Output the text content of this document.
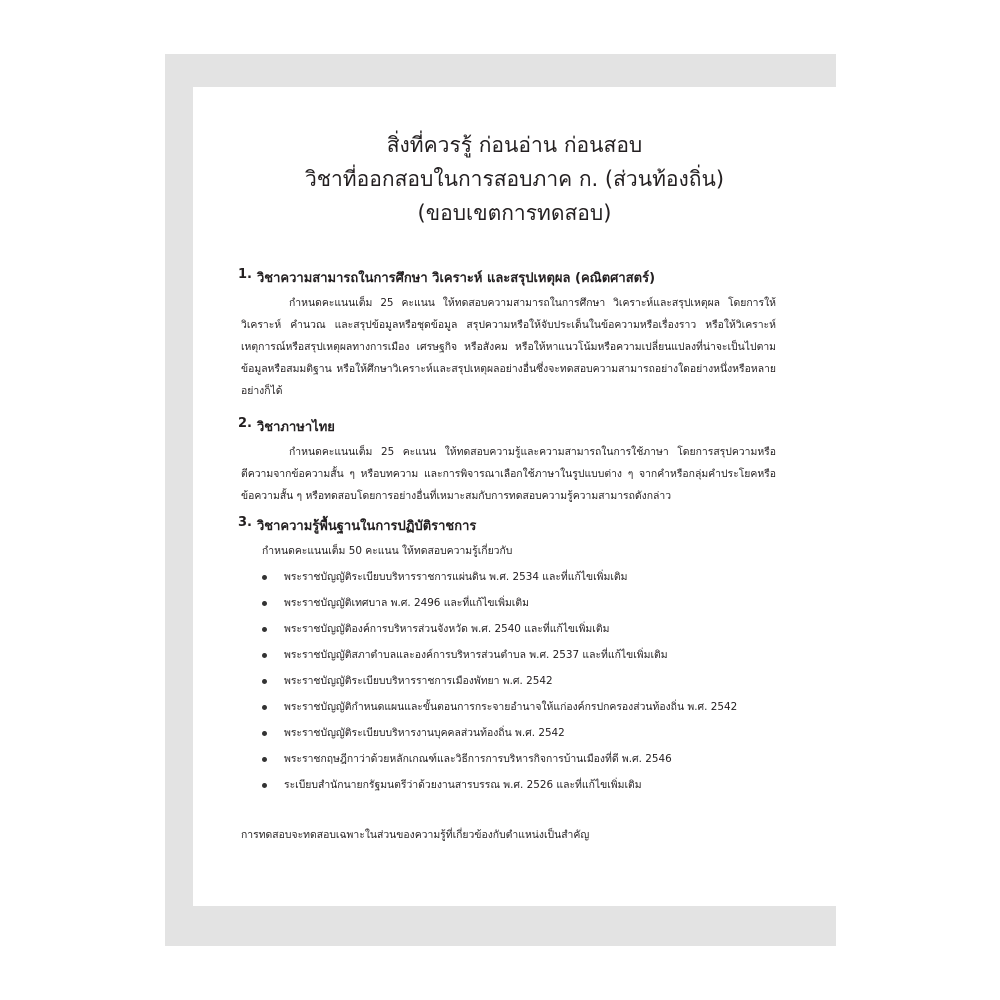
สิ่งที่ควรรู้ ก่อนอ่าน ก่อนสอบ
วิชาที่ออกสอบในการสอบภาค ก. (ส่วนท้องถิ่น)
(ขอบเขตการทดสอบ)
1. วิชาความสามารถในการศึกษา วิเคราะห์ และสรุปเหตุผล (คณิตศาสตร์)
กำหนดคะแนนเต็ม 25 คะแนน ให้ทดสอบความสามารถในการศึกษา วิเคราะห์และสรุปเหตุผล โดยการให้วิเคราะห์ คำนวณ และสรุปข้อมูลหรือชุดข้อมูล สรุปความหรือให้จับประเด็นในข้อความหรือเรื่องราว หรือให้วิเคราะห์เหตุการณ์หรือสรุปเหตุผลทางการเมือง เศรษฐกิจ หรือสังคม หรือให้หาแนวโน้มหรือความเปลี่ยนแปลงที่น่าจะเป็นไปตามข้อมูลหรือสมมติฐาน หรือให้ศึกษาวิเคราะห์และสรุปเหตุผลอย่างอื่นซึ่งจะทดสอบความสามารถอย่างใดอย่างหนึ่งหรือหลายอย่างก็ได้
2. วิชาภาษาไทย
กำหนดคะแนนเต็ม 25 คะแนน ให้ทดสอบความรู้และความสามารถในการใช้ภาษา โดยการสรุปความหรือตีความจากข้อความสั้น ๆ หรือบทความ และการพิจารณาเลือกใช้ภาษาในรูปแบบต่าง ๆ จากคำหรือกลุ่มคำประโยคหรือข้อความสั้น ๆ หรือทดสอบโดยการอย่างอื่นที่เหมาะสมกับการทดสอบความรู้ความสามารถดังกล่าว
3. วิชาความรู้พื้นฐานในการปฏิบัติราชการ
กำหนดคะแนนเต็ม 50 คะแนน ให้ทดสอบความรู้เกี่ยวกับ
พระราชบัญญัติระเบียบบริหารราชการแผ่นดิน พ.ศ. 2534 และที่แก้ไขเพิ่มเติม
พระราชบัญญัติเทศบาล พ.ศ. 2496 และที่แก้ไขเพิ่มเติม
พระราชบัญญัติองค์การบริหารส่วนจังหวัด พ.ศ. 2540 และที่แก้ไขเพิ่มเติม
พระราชบัญญัติสภาตำบลและองค์การบริหารส่วนตำบล พ.ศ. 2537 และที่แก้ไขเพิ่มเติม
พระราชบัญญัติระเบียบบริหารราชการเมืองพัทยา พ.ศ. 2542
พระราชบัญญัติกำหนดแผนและขั้นตอนการกระจายอำนาจให้แก่องค์กรปกครองส่วนท้องถิ่น พ.ศ. 2542
พระราชบัญญัติระเบียบบริหารงานบุคคลส่วนท้องถิ่น พ.ศ. 2542
พระราชกฤษฎีกาว่าด้วยหลักเกณฑ์และวิธีการการบริหารกิจการบ้านเมืองที่ดี พ.ศ. 2546
ระเบียบสำนักนายกรัฐมนตรีว่าด้วยงานสารบรรณ พ.ศ. 2526 และที่แก้ไขเพิ่มเติม
การทดสอบจะทดสอบเฉพาะในส่วนของความรู้ที่เกี่ยวข้องกับตำแหน่งเป็นสำคัญ
